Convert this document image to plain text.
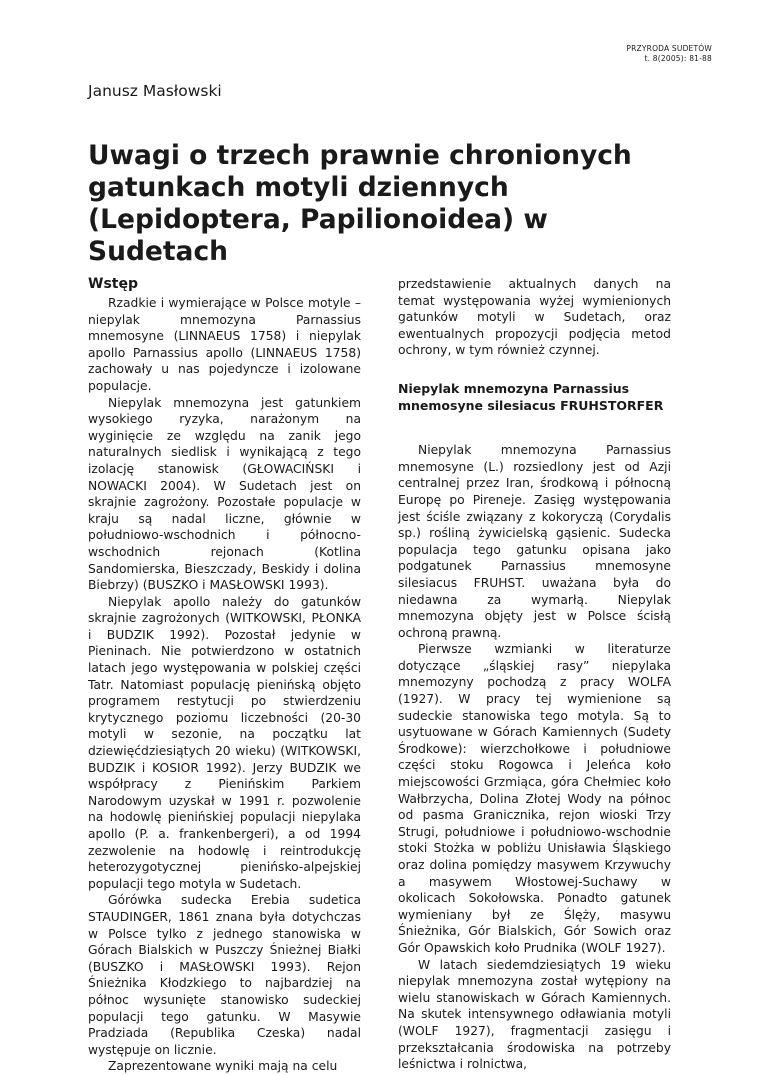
PRZYRODA SUDETÓW
t. 8(2005): 81-88
Janusz Masłowski
Uwagi o trzech prawnie chronionych gatunkach motyli dziennych (Lepidoptera, Papilionoidea) w Sudetach
Wstęp

Rzadkie i wymierające w Polsce motyle – niepylak mnemozyna Parnassius mnemosyne (LINNAEUS 1758) i niepylak apollo Parnassius apollo (LINNAEUS 1758) zachowały u nas pojedyncze i izolowane populacje.

Niepylak mnemozyna jest gatunkiem wysokiego ryzyka, narażonym na wyginięcie ze względu na zanik jego naturalnych siedlisk i wynikającą z tego izolację stanowisk (GŁOWACIŃSKI i NOWACKI 2004). W Sudetach jest on skrajnie zagrożony. Pozostałe populacje w kraju są nadal liczne, głównie w południowo-wschodnich i północno-wschodnich rejonach (Kotlina Sandomierska, Bieszczady, Beskidy i dolina Biebrzy) (BUSZKO i MASŁOWSKI 1993).

Niepylak apollo należy do gatunków skrajnie zagrożonych (WITKOWSKI, PŁONKA i BUDZIK 1992). Pozostał jedynie w Pieninach. Nie potwierdzono w ostatnich latach jego występowania w polskiej części Tatr. Natomiast populację pienińską objęto programem restytucji po stwierdzeniu krytycznego poziomu liczebności (20-30 motyli w sezonie, na początku lat dziewięćdziesiątych 20 wieku) (WITKOWSKI, BUDZIK i KOSIOR 1992). Jerzy BUDZIK we współpracy z Pienińskim Parkiem Narodowym uzyskał w 1991 r. pozwolenie na hodowlę pienińskiej populacji niepylaka apollo (P. a. frankenbergeri), a od 1994 zezwolenie na hodowlę i reintrodukcję heterozygotycznej pienińsko-alpejskiej populacji tego motyla w Sudetach.

Górówka sudecka Erebia sudetica STAUDINGER, 1861 znana była dotychczas w Polsce tylko z jednego stanowiska w Górach Bialskich w Puszczy Śnieżnej Białki (BUSZKO i MASŁOWSKI 1993). Rejon Śnieżnika Kłodzkiego to najbardziej na północ wysunięte stanowisko sudeckiej populacji tego gatunku. W Masywie Pradziada (Republika Czeska) nadal występuje on licznie.

Zaprezentowane wyniki mają na celu

przedstawienie aktualnych danych na temat występowania wyżej wymienionych gatunków motyli w Sudetach, oraz ewentualnych propozycji podjęcia metod ochrony, w tym również czynnej.

Niepylak mnemozyna Parnassius mnemosyne silesiacus FRUHSTORFER

Niepylak mnemozyna Parnassius mnemosyne (L.) rozsiedlony jest od Azji centralnej przez Iran, środkową i północną Europę po Pireneje. Zasięg występowania jest ściśle związany z kokoryczą (Corydalis sp.) rośliną żywicielską gąsienic. Sudecka populacja tego gatunku opisana jako podgatunek Parnassius mnemosyne silesiacus FRUHST. uważana była do niedawna za wymarłą. Niepylak mnemozyna objęty jest w Polsce ścisłą ochroną prawną.

Pierwsze wzmianki w literaturze dotyczące „śląskiej rasy” niepylaka mnemozyny pochodzą z pracy WOLFA (1927). W pracy tej wymienione są sudeckie stanowiska tego motyla. Są to usytuowane w Górach Kamiennych (Sudety Środkowe): wierzchołkowe i południowe części stoku Rogowca i Jeleńca koło miejscowości Grzmiąca, góra Chełmiec koło Wałbrzycha, Dolina Złotej Wody na północ od pasma Granicznika, rejon wioski Trzy Strugi, południowe i południowo-wschodnie stoki Stożka w pobliżu Unisławia Śląskiego oraz dolina pomiędzy masywem Krzywuchy a masywem Włostowej-Suchawy w okolicach Sokołowska. Ponadto gatunek wymieniany był ze Ślęży, masywu Śnieżnika, Gór Bialskich, Gór Sowich oraz Gór Opawskich koło Prudnika (WOLF 1927).

W latach siedemdziesiątych 19 wieku niepylak mnemozyna został wytępiony na wielu stanowiskach w Górach Kamiennych. Na skutek intensywnego odławiania motyli (WOLF 1927), fragmentacji zasięgu i przekształcania środowiska na potrzeby leśnictwa i rolnictwa,
